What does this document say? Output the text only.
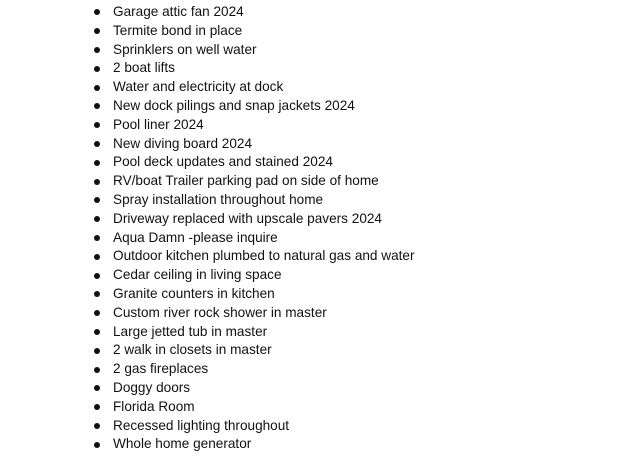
Garage attic fan 2024
Termite bond in place
Sprinklers on well water
2 boat lifts
Water and electricity at dock
New dock pilings and snap jackets 2024
Pool liner 2024
New diving board 2024
Pool deck updates and stained 2024
RV/boat Trailer parking pad on side of home
Spray installation throughout home
Driveway replaced with upscale pavers 2024
Aqua Damn -please inquire
Outdoor kitchen plumbed to natural gas and water
Cedar ceiling in living space
Granite counters in kitchen
Custom river rock shower in master
Large jetted tub in master
2 walk in closets in master
2 gas fireplaces
Doggy doors
Florida Room
Recessed lighting throughout
Whole home generator
